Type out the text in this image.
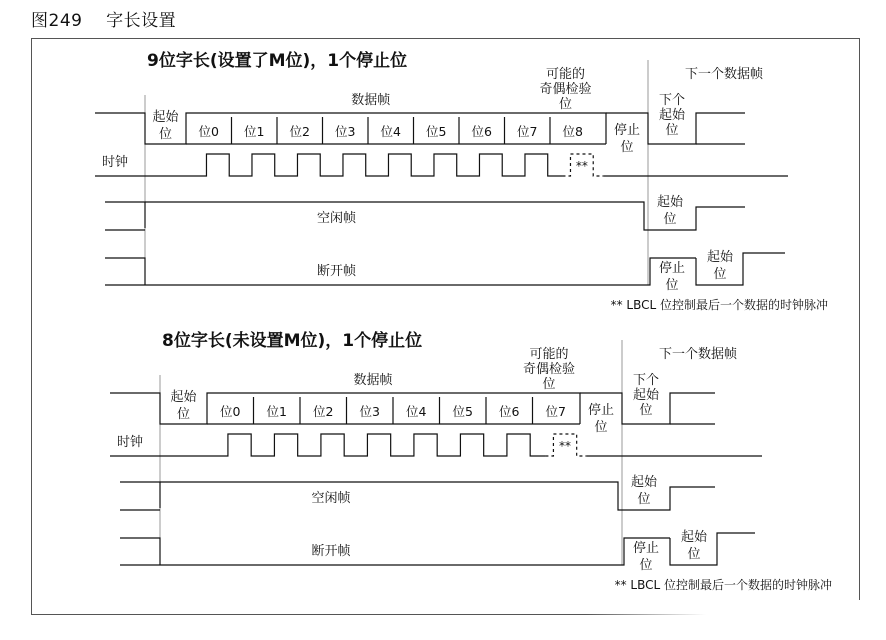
图249 字长设置
9位字长(设置了M位)，1个停止位
数据帧
可能的
奇偶检验
位
下一个数据帧
位0 位1 位2 位3 位4 位5 位6 位7 位8
起始
位	停止
位
下个
起始
位
时钟	**
空闲帧
起始
位
断开帧	停止
位
起始
位
** LBCL 位控制最后一个数据的时钟脉冲
8位字长(未设置M位)，1个停止位
数据帧
可能的
奇偶检验
位
下一个数据帧
位0 位1 位2 位3 位4 位5 位6 位7
起始
位	停止
位
下个
起始
位
时钟	**
空闲帧
起始
位
断开帧	停止
位
起始
位
** LBCL 位控制最后一个数据的时钟脉冲
